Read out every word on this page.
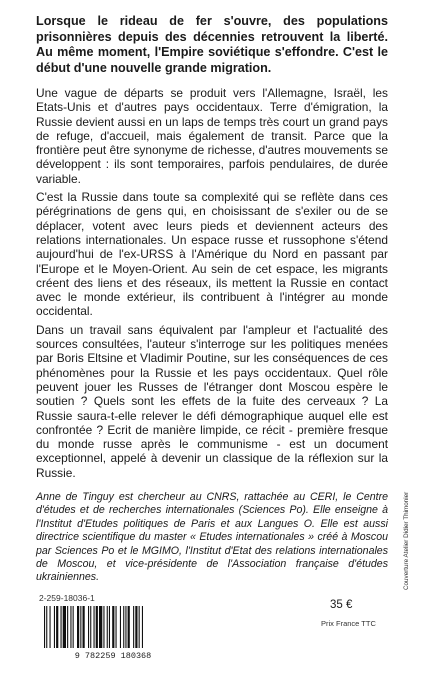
Lorsque le rideau de fer s'ouvre, des populations prisonnières depuis des décennies retrouvent la liberté. Au même moment, l'Empire soviétique s'effondre. C'est le début d'une nouvelle grande migration.

Une vague de départs se produit vers l'Allemagne, Israël, les Etats-Unis et d'autres pays occidentaux. Terre d'émigration, la Russie devient aussi en un laps de temps très court un grand pays de refuge, d'accueil, mais également de transit. Parce que la frontière peut être synonyme de richesse, d'autres mouvements se développent : ils sont temporaires, parfois pendulaires, de durée variable.

C'est la Russie dans toute sa complexité qui se reflète dans ces pérégrinations de gens qui, en choisissant de s'exiler ou de se déplacer, votent avec leurs pieds et deviennent acteurs des relations internationales. Un espace russe et russophone s'étend aujourd'hui de l'ex-URSS à l'Amérique du Nord en passant par l'Europe et le Moyen-Orient. Au sein de cet espace, les migrants créent des liens et des réseaux, ils mettent la Russie en contact avec le monde extérieur, ils contribuent à l'intégrer au monde occidental.

Dans un travail sans équivalent par l'ampleur et l'actualité des sources consultées, l'auteur s'interroge sur les politiques menées par Boris Eltsine et Vladimir Poutine, sur les conséquences de ces phénomènes pour la Russie et les pays occidentaux. Quel rôle peuvent jouer les Russes de l'étranger dont Moscou espère le soutien ? Quels sont les effets de la fuite des cerveaux ? La Russie saura-t-elle relever le défi démographique auquel elle est confrontée ? Ecrit de manière limpide, ce récit - première fresque du monde russe après le communisme - est un document exceptionnel, appelé à devenir un classique de la réflexion sur la Russie.

Anne de Tinguy est chercheur au CNRS, rattachée au CERI, le Centre d'études et de recherches internationales (Sciences Po). Elle enseigne à l'Institut d'Etudes politiques de Paris et aux Langues O. Elle est aussi directrice scientifique du master « Etudes internationales » créé à Moscou par Sciences Po et le MGIMO, l'Institut d'Etat des relations internationales de Moscou, et vice-présidente de l'Association française d'études ukrainiennes.

2-259-18036-1

9 782259 180368

35 €

Prix France TTC

Couverture Atelier Didier Thimonier
